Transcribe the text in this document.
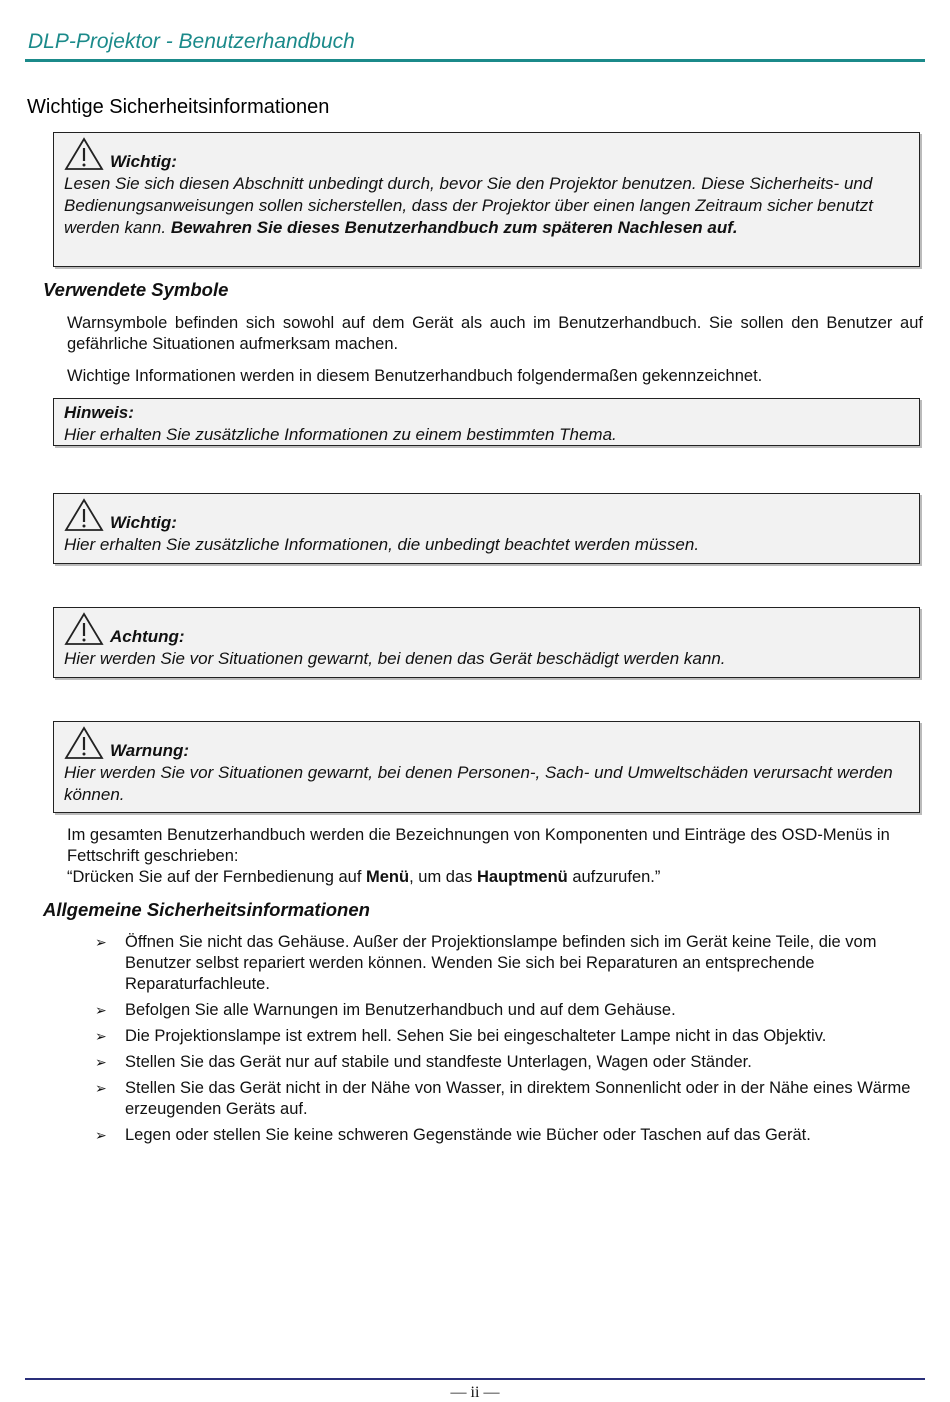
DLP-Projektor - Benutzerhandbuch
Wichtige Sicherheitsinformationen
Wichtig:
Lesen Sie sich diesen Abschnitt unbedingt durch, bevor Sie den Projektor benutzen. Diese Sicherheits- und Bedienungsanweisungen sollen sicherstellen, dass der Projektor über einen langen Zeitraum sicher benutzt werden kann. Bewahren Sie dieses Benutzerhandbuch zum späteren Nachlesen auf.
Verwendete Symbole
Warnsymbole befinden sich sowohl auf dem Gerät als auch im Benutzerhandbuch. Sie sollen den Benutzer auf gefährliche Situationen aufmerksam machen.
Wichtige Informationen werden in diesem Benutzerhandbuch folgendermaßen gekennzeichnet.
Hinweis:
Hier erhalten Sie zusätzliche Informationen zu einem bestimmten Thema.
Wichtig:
Hier erhalten Sie zusätzliche Informationen, die unbedingt beachtet werden müssen.
Achtung:
Hier werden Sie vor Situationen gewarnt, bei denen das Gerät beschädigt werden kann.
Warnung:
Hier werden Sie vor Situationen gewarnt, bei denen Personen-, Sach- und Umweltschäden verursacht werden können.
Im gesamten Benutzerhandbuch werden die Bezeichnungen von Komponenten und Einträge des OSD-Menüs in Fettschrift geschrieben:
“Drücken Sie auf der Fernbedienung auf Menü, um das Hauptmenü aufzurufen.”
Allgemeine Sicherheitsinformationen
➢	Öffnen Sie nicht das Gehäuse. Außer der Projektionslampe befinden sich im Gerät keine Teile, die vom Benutzer selbst repariert werden können. Wenden Sie sich bei Reparaturen an entsprechende Reparaturfachleute.
➢	Befolgen Sie alle Warnungen im Benutzerhandbuch und auf dem Gehäuse.
➢	Die Projektionslampe ist extrem hell. Sehen Sie bei eingeschalteter Lampe nicht in das Objektiv.
➢	Stellen Sie das Gerät nur auf stabile und standfeste Unterlagen, Wagen oder Ständer.
➢	Stellen Sie das Gerät nicht in der Nähe von Wasser, in direktem Sonnenlicht oder in der Nähe eines Wärme erzeugenden Geräts auf.
➢	Legen oder stellen Sie keine schweren Gegenstände wie Bücher oder Taschen auf das Gerät.
— ii —
